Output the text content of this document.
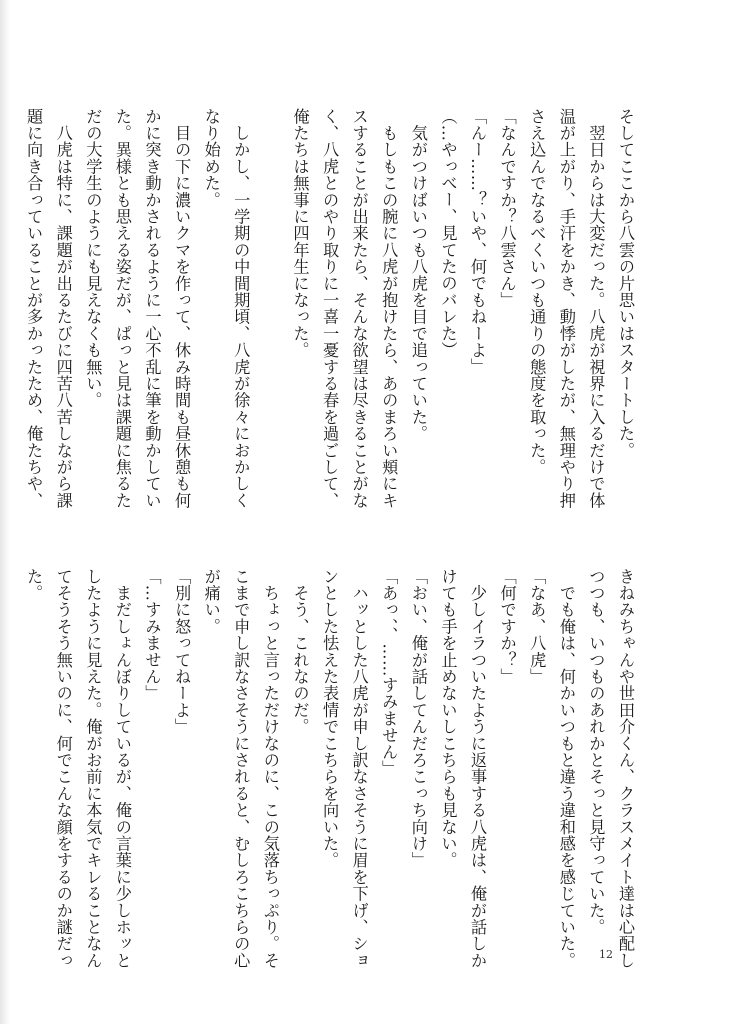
そしてここから八雲の片思いはスタートした。
　翌日からは大変だった。八虎が視界に入るだけで体
温が上がり、手汗をかき、動悸がしたが、無理やり押
さえ込んでなるべくいつも通りの態度を取った。
「なんですか？八雲さん」
「んー……？いや、何でもねーよ」
（…やっべー、見てたのバレた）
　気がつけばいつも八虎を目で追っていた。
　もしもこの腕に八虎が抱けたら、あのまろい頬にキ
スすることが出来たら、そんな欲望は尽きることがな
く、八虎とのやり取りに一喜一憂する春を過ごして、
俺たちは無事に四年生になった。

　しかし、一学期の中間期頃、八虎が徐々におかしく
なり始めた。
　目の下に濃いクマを作って、休み時間も昼休憩も何
かに突き動かされるように一心不乱に筆を動かしてい
た。異様とも思える姿だが、ぱっと見は課題に焦るた
だの大学生のようにも見えなくも無い。
　八虎は特に、課題が出るたびに四苦八苦しながら課
題に向き合っていることが多かったため、俺たちや、
きねみちゃんや世田介くん、クラスメイト達は心配し
つつも、いつものあれかとそっと見守っていた。
　でも俺は、何かいつもと違う違和感を感じていた。
「なあ、八虎」
「何ですか？」
　少しイラついたように返事する八虎は、俺が話しか
けても手を止めないしこちらも見ない。
「おい、俺が話してんだろこっち向け」
「あっ、、……すみません」
　ハッとした八虎が申し訳なさそうに眉を下げ、ショ
ンとした怯えた表情でこちらを向いた。
　そう、これなのだ。
　ちょっと言っただけなのに、この気落ちっぷり。そ
こまで申し訳なさそうにされると、むしろこちらの心
が痛い。
「別に怒ってねーよ」
「…すみません」
　まだしょんぼりしているが、俺の言葉に少しホッと
したように見えた。俺がお前に本気でキレることなん
てそうそう無いのに、何でこんな顔をするのか謎だっ
た。
12
